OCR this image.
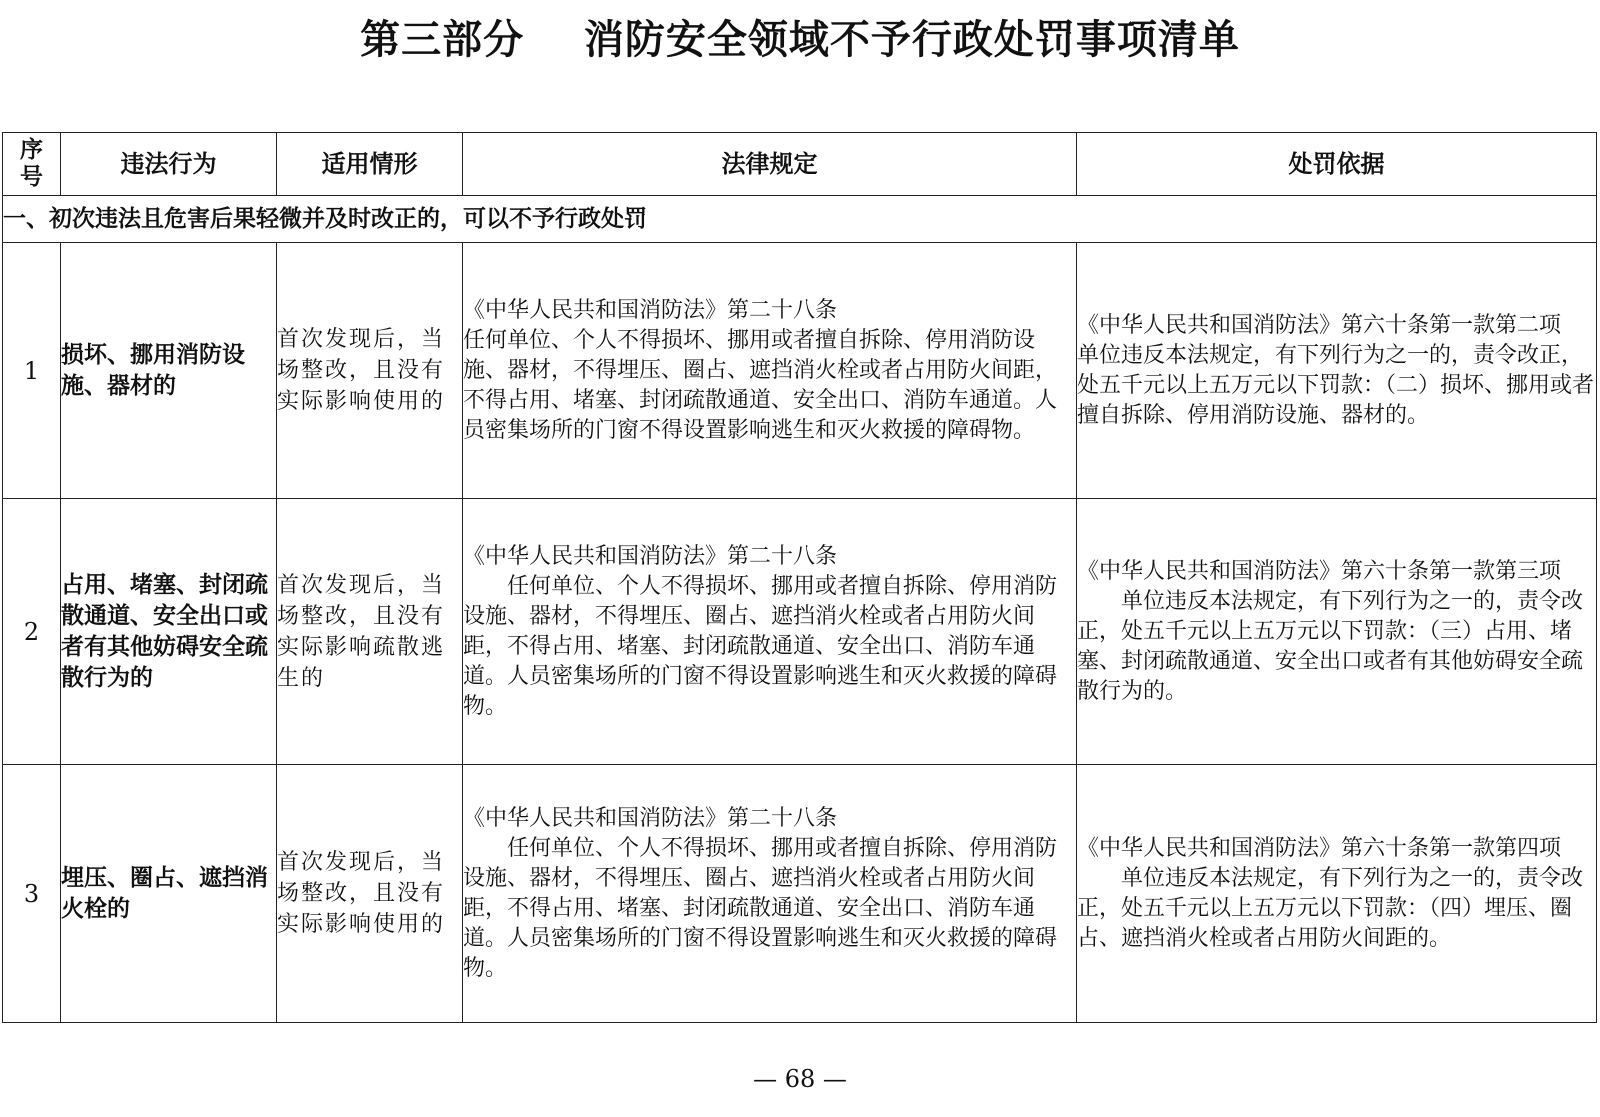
第三部分    消防安全领域不予行政处罚事项清单
序号	违法行为	适用情形	法律规定	处罚依据
一、初次违法且危害后果轻微并及时改正的，可以不予行政处罚				
1	损坏、挪用消防设施、器材的	首次发现后，当场整改，且没有实际影响使用的	《中华人民共和国消防法》第二十八条
任何单位、个人不得损坏、挪用或者擅自拆除、停用消防设施、器材，不得埋压、圈占、遮挡消火栓或者占用防火间距，不得占用、堵塞、封闭疏散通道、安全出口、消防车通道。人员密集场所的门窗不得设置影响逃生和灭火救援的障碍物。	《中华人民共和国消防法》第六十条第一款第二项
单位违反本法规定，有下列行为之一的，责令改正，处五千元以上五万元以下罚款：（二）损坏、挪用或者擅自拆除、停用消防设施、器材的。

2	占用、堵塞、封闭疏散通道、安全出口或者有其他妨碍安全疏散行为的	首次发现后，当场整改，且没有实际影响疏散逃生的	《中华人民共和国消防法》第二十八条
任何单位、个人不得损坏、挪用或者擅自拆除、停用消防设施、器材，不得埋压、圈占、遮挡消火栓或者占用防火间距，不得占用、堵塞、封闭疏散通道、安全出口、消防车通道。人员密集场所的门窗不得设置影响逃生和灭火救援的障碍物。	《中华人民共和国消防法》第六十条第一款第三项
单位违反本法规定，有下列行为之一的，责令改正，处五千元以上五万元以下罚款：（三）占用、堵塞、封闭疏散通道、安全出口或者有其他妨碍安全疏散行为的。

3	埋压、圈占、遮挡消火栓的	首次发现后，当场整改，且没有实际影响使用的	《中华人民共和国消防法》第二十八条
任何单位、个人不得损坏、挪用或者擅自拆除、停用消防设施、器材，不得埋压、圈占、遮挡消火栓或者占用防火间距，不得占用、堵塞、封闭疏散通道、安全出口、消防车通道。人员密集场所的门窗不得设置影响逃生和灭火救援的障碍物。	《中华人民共和国消防法》第六十条第一款第四项
单位违反本法规定，有下列行为之一的，责令改正，处五千元以上五万元以下罚款：（四）埋压、圈占、遮挡消火栓或者占用防火间距的。
— 68 —
